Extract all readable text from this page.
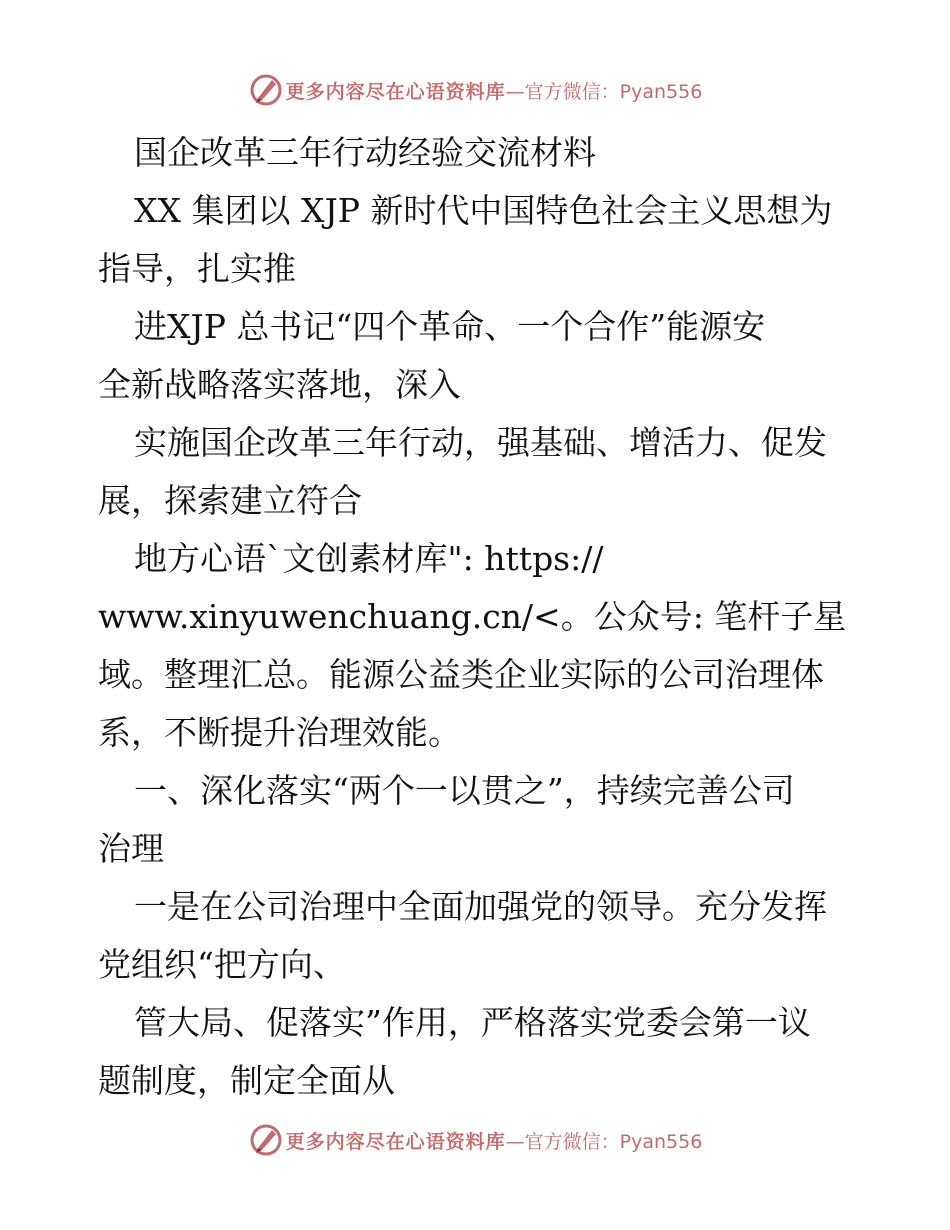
更多内容尽在心语资料库 —官方微信：Pyan556

国企改革三年行动经验交流材料

XX 集团以 XJP 新时代中国特色社会主义思想为

指导，扎实推

进XJP 总书记“四个革命、一个合作”能源安

全新战略落实落地，深入

实施国企改革三年行动，强基础、增活力、促发

展，探索建立符合

地方心语`文创素材库": https://

www.xinyuwenchuang.cn/<。公众号: 笔杆子星

域。整理汇总。能源公益类企业实际的公司治理体

系，不断提升治理效能。

一、深化落实“两个一以贯之”，持续完善公司

治理

一是在公司治理中全面加强党的领导。充分发挥

党组织“把方向、

管大局、促落实”作用，严格落实党委会第一议

题制度，制定全面从

更多内容尽在心语资料库 —官方微信：Pyan556
